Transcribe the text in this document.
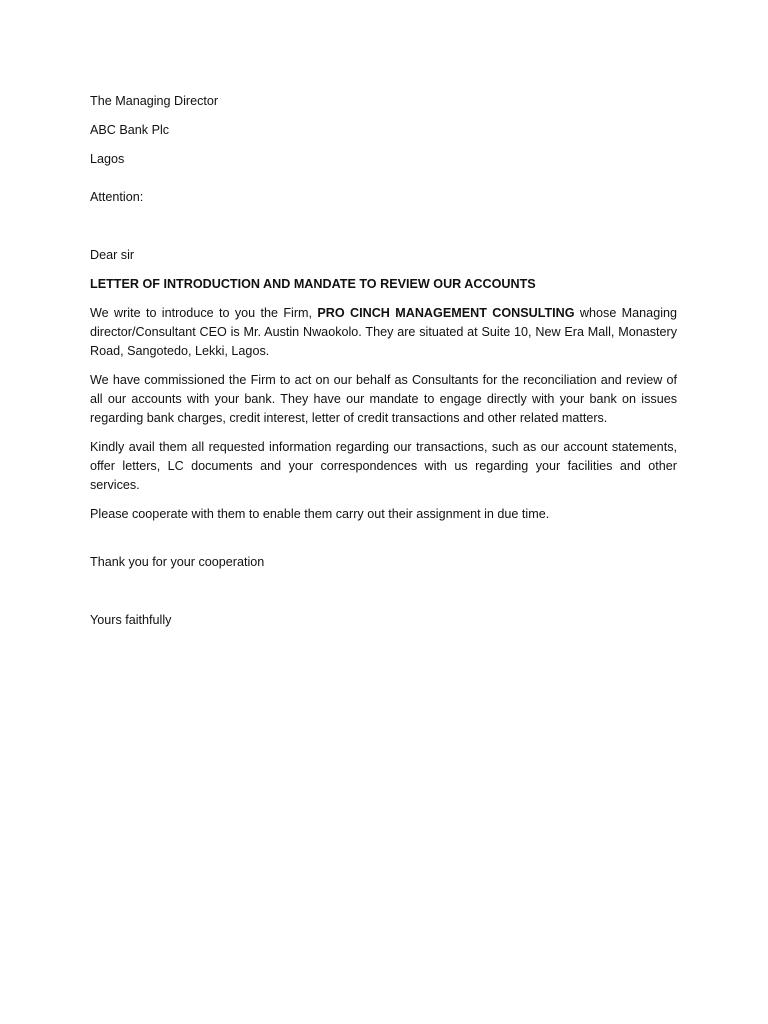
The Managing Director

ABC Bank Plc

Lagos

Attention:

Dear sir

LETTER OF INTRODUCTION AND MANDATE TO REVIEW OUR ACCOUNTS

We write to introduce to you the Firm, PRO CINCH MANAGEMENT CONSULTING whose Managing director/Consultant CEO is Mr. Austin Nwaokolo. They are situated at Suite 10, New Era Mall, Monastery Road, Sangotedo, Lekki, Lagos.

We have commissioned the Firm to act on our behalf as Consultants for the reconciliation and review of all our accounts with your bank. They have our mandate to engage directly with your bank on issues regarding bank charges, credit interest, letter of credit transactions and other related matters.

Kindly avail them all requested information regarding our transactions, such as our account statements, offer letters, LC documents and your correspondences with us regarding your facilities and other services.

Please cooperate with them to enable them carry out their assignment in due time.

Thank you for your cooperation

Yours faithfully
